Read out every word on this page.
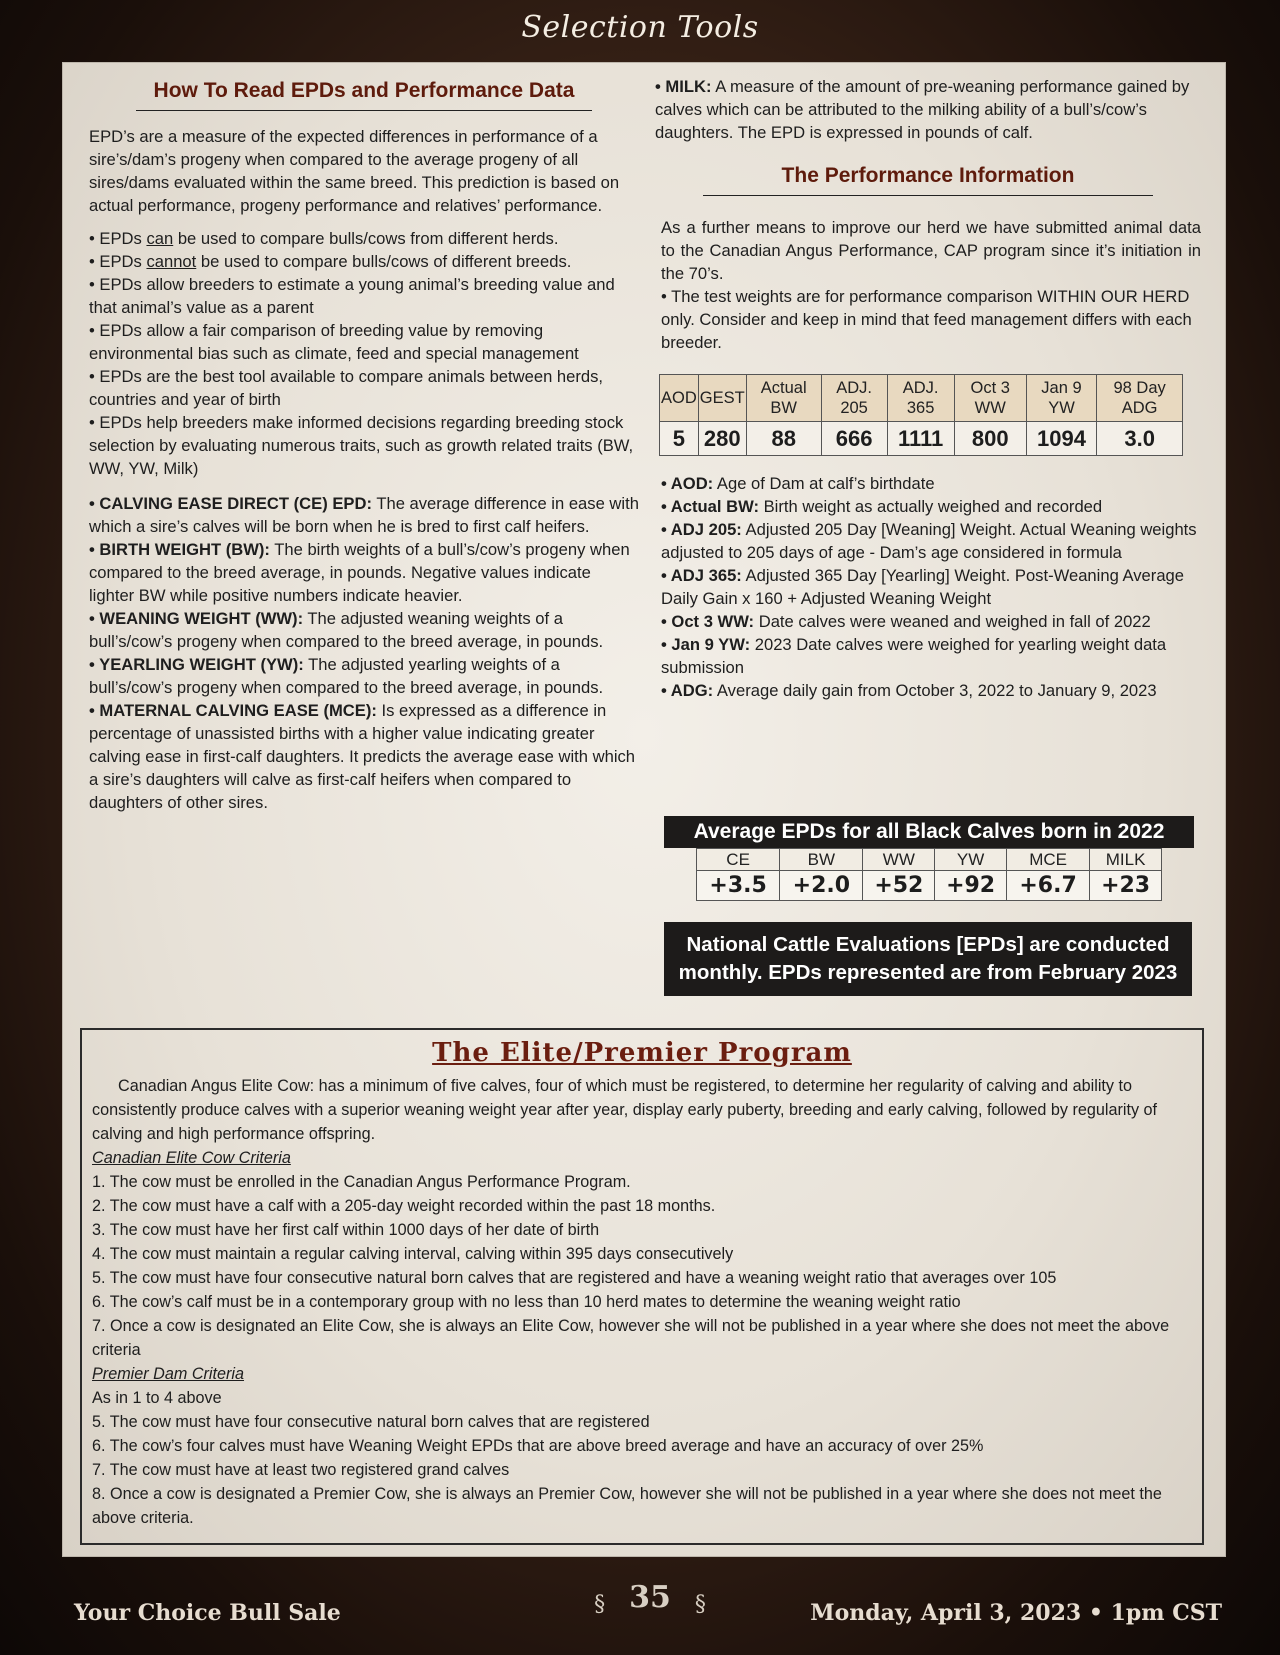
Selection Tools
How To Read EPDs and Performance Data

EPD’s are a measure of the expected differences in performance of a sire’s/dam’s progeny when compared to the average progeny of all sires/dams evaluated within the same breed. This prediction is based on actual performance, progeny performance and relatives’ performance.

• EPDs can be used to compare bulls/cows from different herds.
• EPDs cannot be used to compare bulls/cows of different breeds.
• EPDs allow breeders to estimate a young animal’s breeding value and that animal’s value as a parent
• EPDs allow a fair comparison of breeding value by removing environmental bias such as climate, feed and special management
• EPDs are the best tool available to compare animals between herds, countries and year of birth
• EPDs help breeders make informed decisions regarding breeding stock selection by evaluating numerous traits, such as growth related traits (BW, WW, YW, Milk)
• CALVING EASE DIRECT (CE) EPD: The average difference in ease with which a sire’s calves will be born when he is bred to first calf heifers.
• BIRTH WEIGHT (BW): The birth weights of a bull’s/cow’s progeny when compared to the breed average, in pounds. Negative values indicate lighter BW while positive numbers indicate heavier.
• WEANING WEIGHT (WW): The adjusted weaning weights of a bull’s/cow’s progeny when compared to the breed average, in pounds.
• YEARLING WEIGHT (YW): The adjusted yearling weights of a bull’s/cow’s progeny when compared to the breed average, in pounds.
• MATERNAL CALVING EASE (MCE): Is expressed as a difference in percentage of unassisted births with a higher value indicating greater calving ease in first-calf daughters. It predicts the average ease with which a sire’s daughters will calve as first-calf heifers when compared to daughters of other sires.
• MILK: A measure of the amount of pre-weaning performance gained by calves which can be attributed to the milking ability of a bull’s/cow’s daughters. The EPD is expressed in pounds of calf.
The Performance Information

As a further means to improve our herd we have submitted animal data to the Canadian Angus Performance, CAP program since it’s initiation in the 70’s.

• The test weights are for performance comparison WITHIN OUR HERD only. Consider and keep in mind that feed management differs with each breeder.

AOD	GEST	Actual BW	ADJ. 205	ADJ. 365	Oct 3 WW	Jan 9 YW	98 Day ADG
5	280	88	666	1111	800	1094	3.0
• AOD: Age of Dam at calf’s birthdate
• Actual BW: Birth weight as actually weighed and recorded
• ADJ 205: Adjusted 205 Day [Weaning] Weight. Actual Weaning weights adjusted to 205 days of age - Dam’s age considered in formula
• ADJ 365: Adjusted 365 Day [Yearling] Weight. Post-Weaning Average Daily Gain x 160 + Adjusted Weaning Weight
• Oct 3 WW: Date calves were weaned and weighed in fall of 2022
• Jan 9 YW: 2023 Date calves were weighed for yearling weight data submission
• ADG: Average daily gain from October 3, 2022 to January 9, 2023
Average EPDs for all Black Calves born in 2022
CE	BW	WW	YW	MCE	MILK
+3.5	+2.0	+52	+92	+6.7	+23
National Cattle Evaluations [EPDs] are conducted
monthly. EPDs represented are from February 2023
The Elite/Premier Program

Canadian Angus Elite Cow: has a minimum of five calves, four of which must be registered, to determine her regularity of calving and ability to consistently produce calves with a superior weaning weight year after year, display early puberty, breeding and early calving, followed by regularity of calving and high performance offspring.

Canadian Elite Cow Criteria
1. The cow must be enrolled in the Canadian Angus Performance Program.
2. The cow must have a calf with a 205-day weight recorded within the past 18 months.
3. The cow must have her first calf within 1000 days of her date of birth
4. The cow must maintain a regular calving interval, calving within 395 days consecutively
5. The cow must have four consecutive natural born calves that are registered and have a weaning weight ratio that averages over 105
6. The cow’s calf must be in a contemporary group with no less than 10 herd mates to determine the weaning weight ratio
7. Once a cow is designated an Elite Cow, she is always an Elite Cow, however she will not be published in a year where she does not meet the above criteria
Premier Dam Criteria
As in 1 to 4 above
5. The cow must have four consecutive natural born calves that are registered
6. The cow’s four calves must have Weaning Weight EPDs that are above breed average and have an accuracy of over 25%
7. The cow must have at least two registered grand calves
8. Once a cow is designated a Premier Cow, she is always an Premier Cow, however she will not be published in a year where she does not meet the above criteria.
Your Choice Bull Sale	§ 35 §	Monday, April 3, 2023 • 1pm CST
